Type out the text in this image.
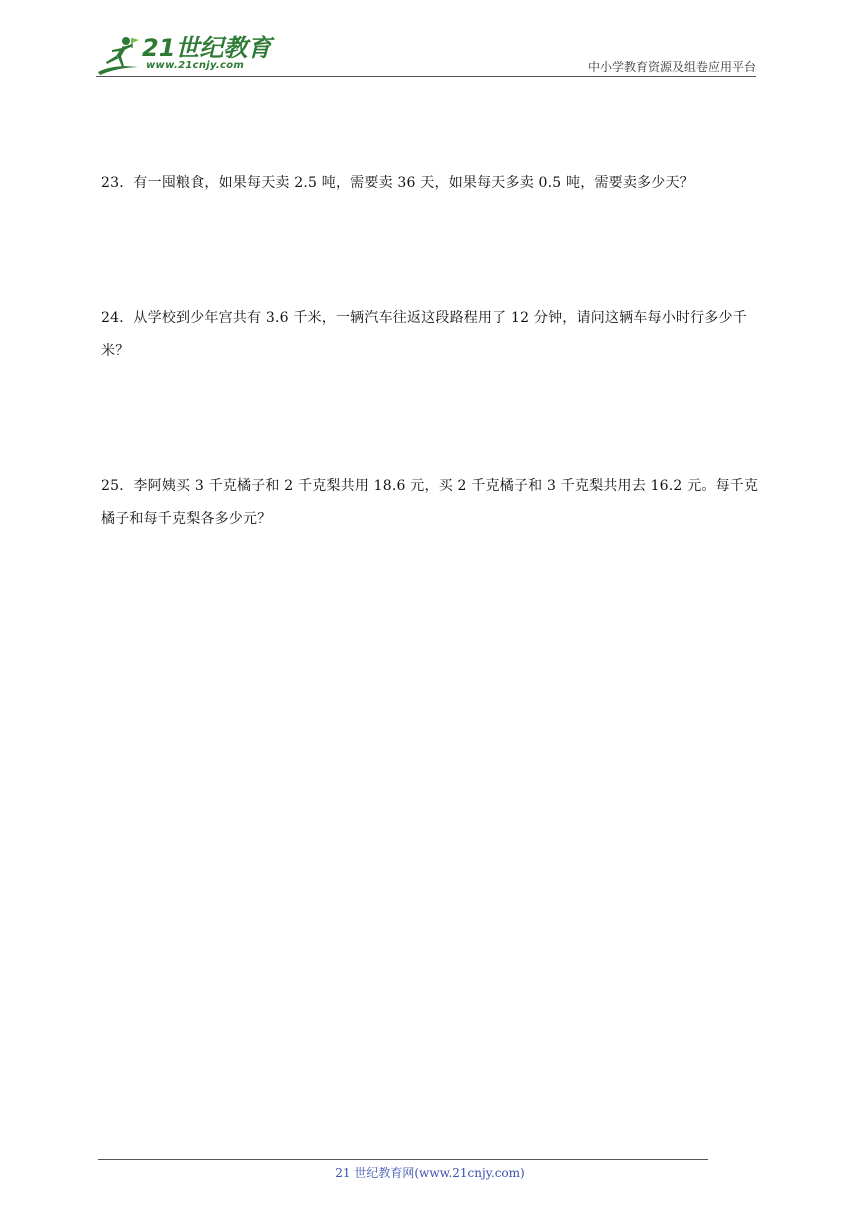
21世纪教育
www.21cnjy.com	中小学教育资源及组卷应用平台
23．有一囤粮食，如果每天卖 2.5 吨，需要卖 36 天，如果每天多卖 0.5 吨，需要卖多少天？
24．从学校到少年宫共有 3.6 千米，一辆汽车往返这段路程用了 12 分钟，请问这辆车每小时行多少千米？
25．李阿姨买 3 千克橘子和 2 千克梨共用 18.6 元，买 2 千克橘子和 3 千克梨共用去 16.2 元。每千克橘子和每千克梨各多少元？
21 世纪教育网(www.21cnjy.com)
